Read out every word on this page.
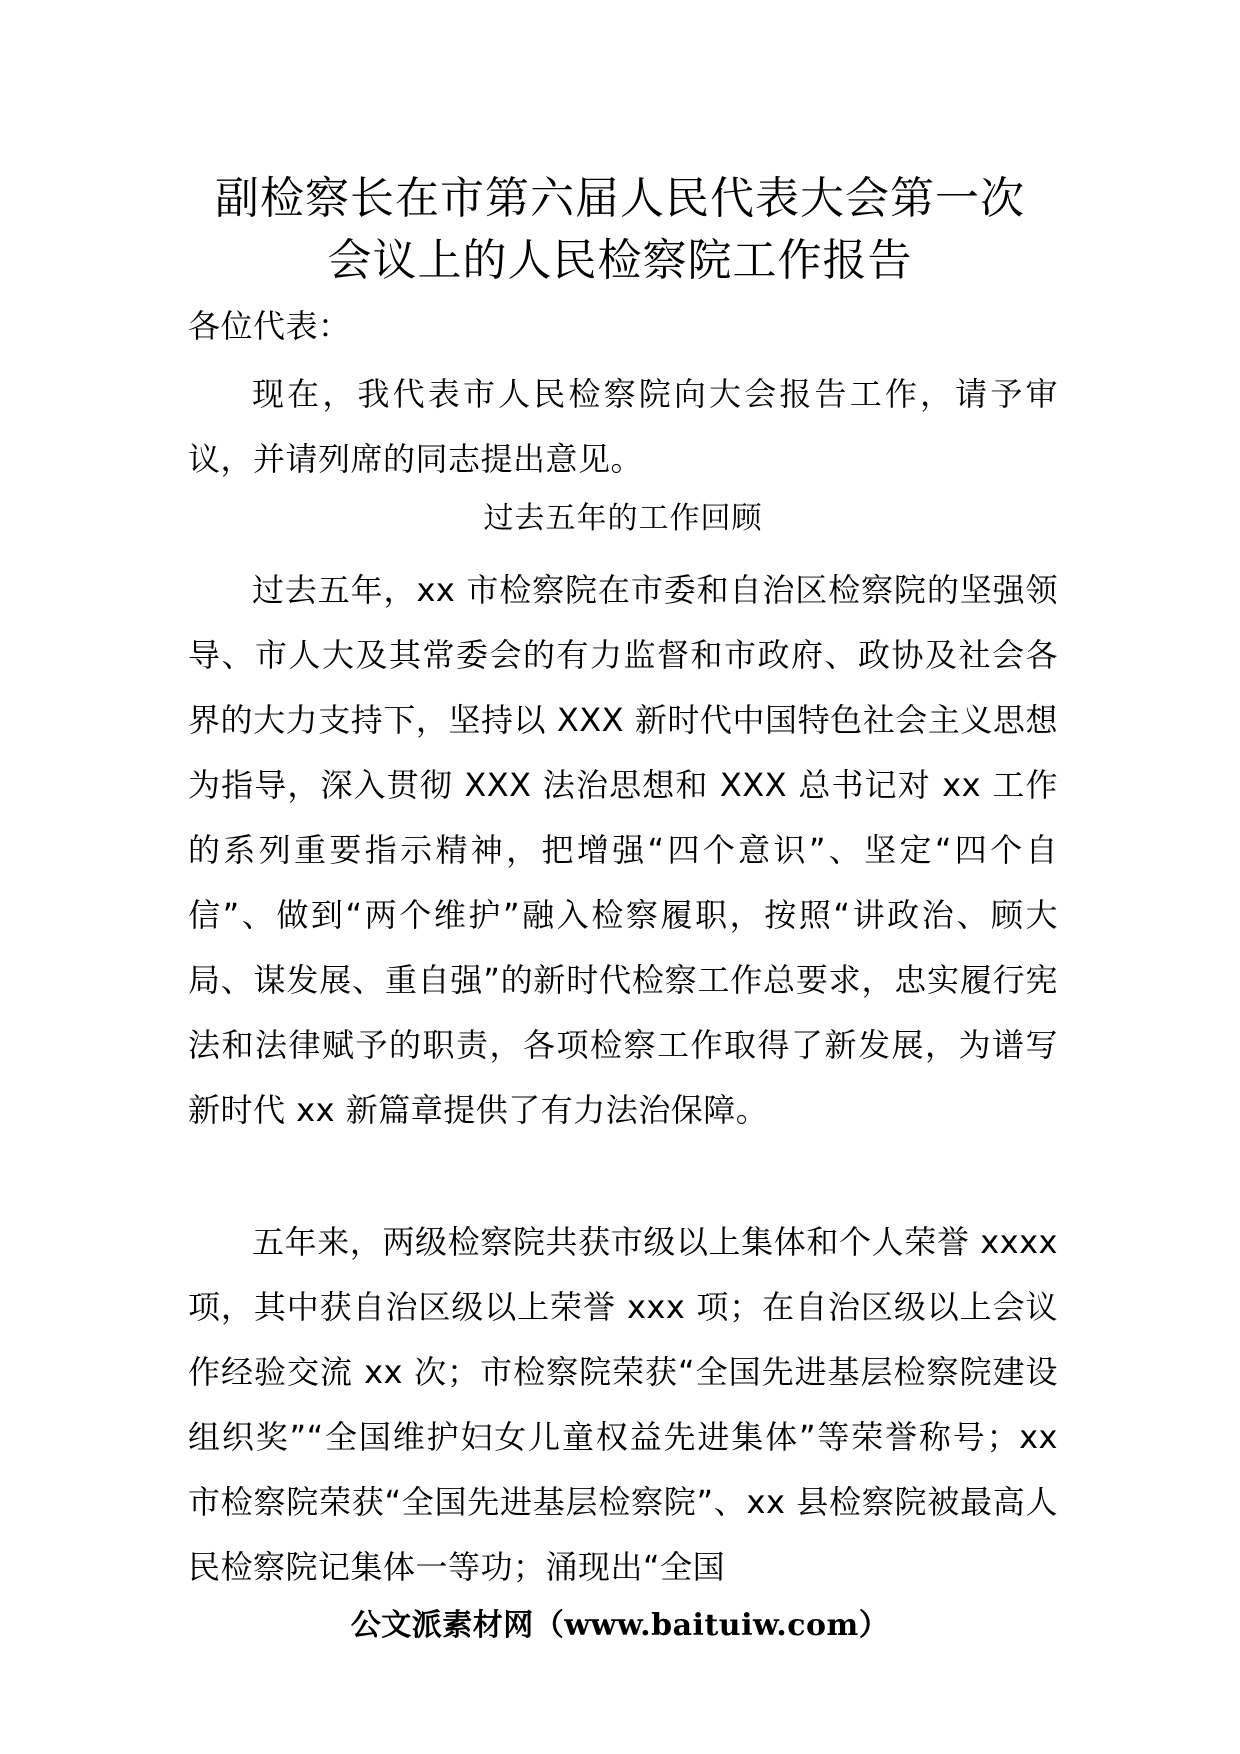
副检察长在市第六届人民代表大会第一次
会议上的人民检察院工作报告
各位代表：
现在，我代表市人民检察院向大会报告工作，请予审议，并请列席的同志提出意见。
过去五年的工作回顾
过去五年，xx 市检察院在市委和自治区检察院的坚强领导、市人大及其常委会的有力监督和市政府、政协及社会各界的大力支持下，坚持以 XXX 新时代中国特色社会主义思想为指导，深入贯彻 XXX 法治思想和 XXX 总书记对 xx 工作的系列重要指示精神，把增强“四个意识”、坚定“四个自信”、做到“两个维护”融入检察履职，按照“讲政治、顾大局、谋发展、重自强”的新时代检察工作总要求，忠实履行宪法和法律赋予的职责，各项检察工作取得了新发展，为谱写新时代 xx 新篇章提供了有力法治保障。
五年来，两级检察院共获市级以上集体和个人荣誉 xxxx 项，其中获自治区级以上荣誉 xxx 项；在自治区级以上会议作经验交流 xx 次；市检察院荣获“全国先进基层检察院建设组织奖”“全国维护妇女儿童权益先进集体”等荣誉称号；xx 市检察院荣获“全国先进基层检察院”、xx 县检察院被最高人民检察院记集体一等功；涌现出“全国
公文派素材网（www.baituiw.com）
